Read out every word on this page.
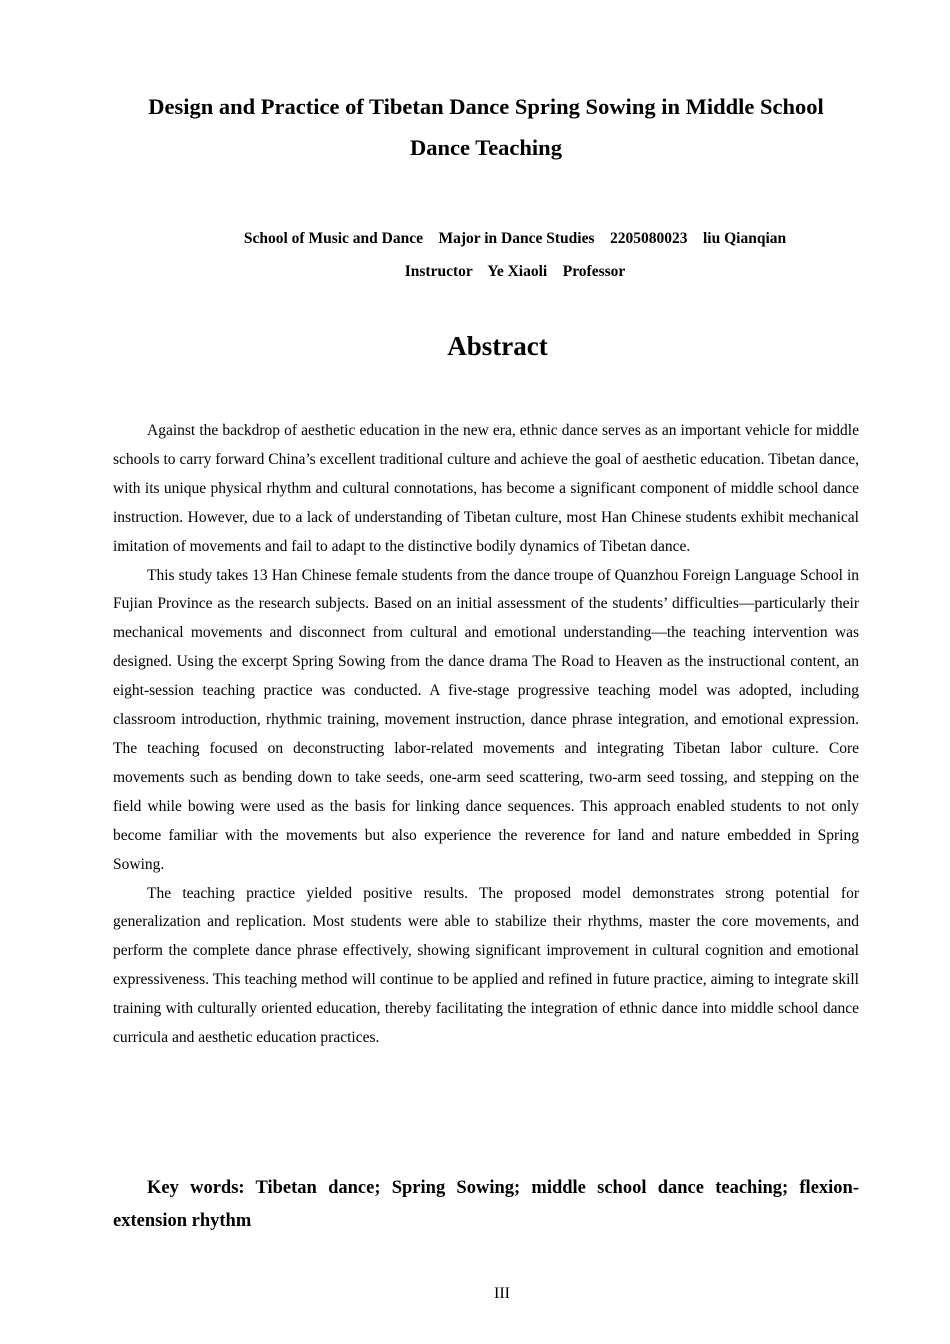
Design and Practice of Tibetan Dance Spring Sowing in Middle School
Dance Teaching
School of Music and Dance    Major in Dance Studies    2205080023    liu Qianqian
Instructor    Ye Xiaoli    Professor
Abstract

Against the backdrop of aesthetic education in the new era, ethnic dance serves as an important vehicle for middle schools to carry forward China’s excellent traditional culture and achieve the goal of aesthetic education. Tibetan dance, with its unique physical rhythm and cultural connotations, has become a significant component of middle school dance instruction. However, due to a lack of understanding of Tibetan culture, most Han Chinese students exhibit mechanical imitation of movements and fail to adapt to the distinctive bodily dynamics of Tibetan dance.

This study takes 13 Han Chinese female students from the dance troupe of Quanzhou Foreign Language School in Fujian Province as the research subjects. Based on an initial assessment of the students’ difficulties—particularly their mechanical movements and disconnect from cultural and emotional understanding—the teaching intervention was designed. Using the excerpt Spring Sowing from the dance drama The Road to Heaven as the instructional content, an eight-session teaching practice was conducted. A five-stage progressive teaching model was adopted, including classroom introduction, rhythmic training, movement instruction, dance phrase integration, and emotional expression. The teaching focused on deconstructing labor-related movements and integrating Tibetan labor culture. Core movements such as bending down to take seeds, one-arm seed scattering, two-arm seed tossing, and stepping on the field while bowing were used as the basis for linking dance sequences. This approach enabled students to not only become familiar with the movements but also experience the reverence for land and nature embedded in Spring Sowing.

The teaching practice yielded positive results. The proposed model demonstrates strong potential for generalization and replication. Most students were able to stabilize their rhythms, master the core movements, and perform the complete dance phrase effectively, showing significant improvement in cultural cognition and emotional expressiveness. This teaching method will continue to be applied and refined in future practice, aiming to integrate skill training with culturally oriented education, thereby facilitating the integration of ethnic dance into middle school dance curricula and aesthetic education practices.

Key words: Tibetan dance; Spring Sowing; middle school dance teaching; flexion-extension rhythm

III
